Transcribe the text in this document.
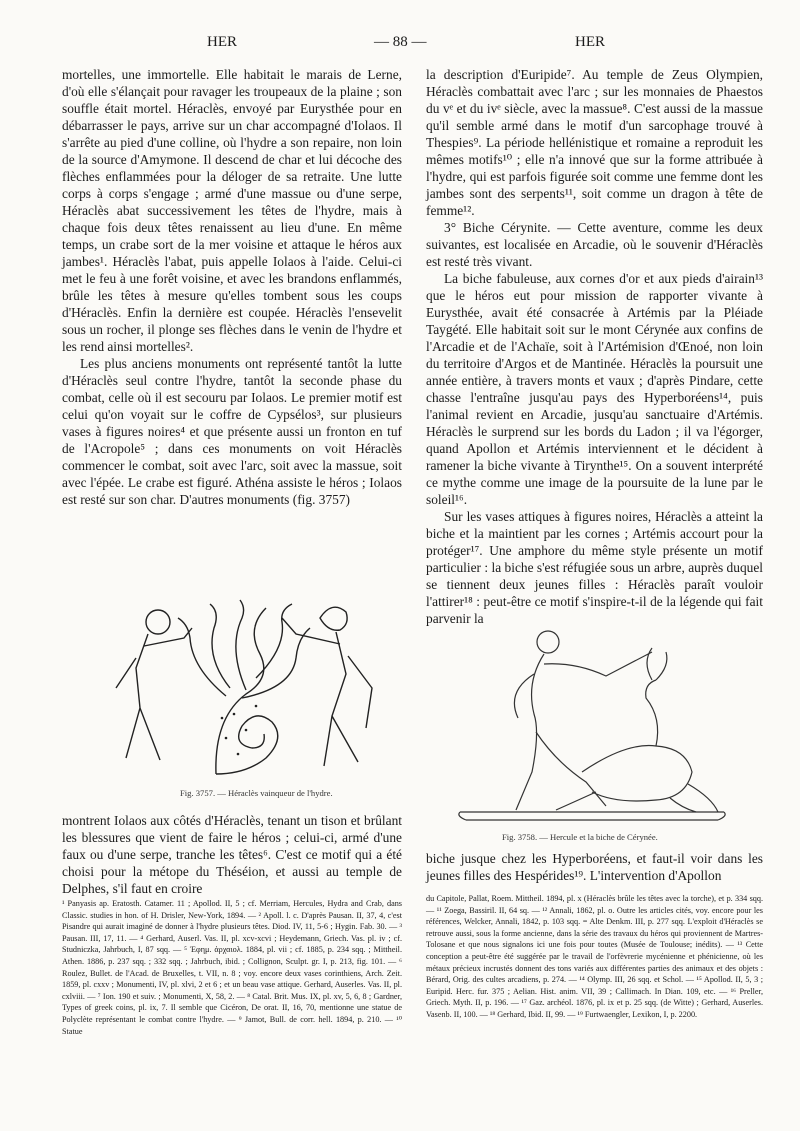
HER	— 88 —	HER

mortelles, une immortelle. Elle habitait le marais de Lerne, d'où elle s'élançait pour ravager les troupeaux de la plaine ; son souffle était mortel. Héraclès, envoyé par Eurysthée pour en débarrasser le pays, arrive sur un char accompagné d'Iolaos. Il s'arrête au pied d'une colline, où l'hydre a son repaire, non loin de la source d'Amymone. Il descend de char et lui décoche des flèches enflammées pour la déloger de sa retraite. Une lutte corps à corps s'engage ; armé d'une massue ou d'une serpe, Héraclès abat successivement les têtes de l'hydre, mais à chaque fois deux têtes renaissent au lieu d'une. En même temps, un crabe sort de la mer voisine et attaque le héros aux jambes¹. Héraclès l'abat, puis appelle Iolaos à l'aide. Celui-ci met le feu à une forêt voisine, et avec les brandons enflammés, brûle les têtes à mesure qu'elles tombent sous les coups d'Héraclès. Enfin la dernière est coupée. Héraclès l'ensevelit sous un rocher, il plonge ses flèches dans le venin de l'hydre et les rend ainsi mortelles².

Les plus anciens monuments ont représenté tantôt la lutte d'Héraclès seul contre l'hydre, tantôt la seconde phase du combat, celle où il est secouru par Iolaos. Le premier motif est celui qu'on voyait sur le coffre de Cypsélos³, sur plusieurs vases à figures noires⁴ et que présente aussi un fronton en tuf de l'Acropole⁵ ; dans ces monuments on voit Héraclès commencer le combat, soit avec l'arc, soit avec la massue, soit avec l'épée. Le crabe est figuré. Athéna assiste le héros ; Iolaos est resté sur son char. D'autres monuments (fig. 3757)

Fig. 3757. — Héraclès vainqueur de l'hydre.

montrent Iolaos aux côtés d'Héraclès, tenant un tison et brûlant les blessures que vient de faire le héros ; celui-ci, armé d'une faux ou d'une serpe, tranche les têtes⁶. C'est ce motif qui a été choisi pour la métope du Théséion, et aussi au temple de Delphes, s'il faut en croire

la description d'Euripide⁷. Au temple de Zeus Olympien, Héraclès combattait avec l'arc ; sur les monnaies de Phaestos du vᵉ et du ivᵉ siècle, avec la massue⁸. C'est aussi de la massue qu'il semble armé dans le motif d'un sarcophage trouvé à Thespies⁹. La période hellénistique et romaine a reproduit les mêmes motifs¹⁰ ; elle n'a innové que sur la forme attribuée à l'hydre, qui est parfois figurée soit comme une femme dont les jambes sont des serpents¹¹, soit comme un dragon à tête de femme¹².

3° Biche Cérynite. — Cette aventure, comme les deux suivantes, est localisée en Arcadie, où le souvenir d'Héraclès est resté très vivant.

La biche fabuleuse, aux cornes d'or et aux pieds d'airain¹³ que le héros eut pour mission de rapporter vivante à Eurysthée, avait été consacrée à Artémis par la Pléiade Taygété. Elle habitait soit sur le mont Cérynée aux confins de l'Arcadie et de l'Achaïe, soit à l'Artémision d'Œnoé, non loin du territoire d'Argos et de Mantinée. Héraclès la poursuit une année entière, à travers monts et vaux ; d'après Pindare, cette chasse l'entraîne jusqu'au pays des Hyperboréens¹⁴, puis l'animal revient en Arcadie, jusqu'au sanctuaire d'Artémis. Héraclès le surprend sur les bords du Ladon ; il va l'égorger, quand Apollon et Artémis interviennent et le décident à ramener la biche vivante à Tirynthe¹⁵. On a souvent interprété ce mythe comme une image de la poursuite de la lune par le soleil¹⁶.

Sur les vases attiques à figures noires, Héraclès a atteint la biche et la maintient par les cornes ; Artémis accourt pour la protéger¹⁷. Une amphore du même style présente un motif particulier : la biche s'est réfugiée sous un arbre, auprès duquel se tiennent deux jeunes filles : Héraclès paraît vouloir l'attirer¹⁸ : peut-être ce motif s'inspire-t-il de la légende qui fait parvenir la

Fig. 3758. — Hercule et la biche de Cérynée.

biche jusque chez les Hyperboréens, et faut-il voir dans les jeunes filles des Hespérides¹⁹. L'intervention d'Apollon

¹ Panyasis ap. Eratosth. Catamer. 11 ; Apollod. II, 5 ; cf. Merriam, Hercules, Hydra and Crab, dans Classic. studies in hon. of H. Drisler, New-York, 1894. — ² Apoll. l. c. D'après Pausan. II, 37, 4, c'est Pisandre qui aurait imaginé de donner à l'hydre plusieurs têtes. Diod. IV, 11, 5-6 ; Hygin. Fab. 30. — ³ Pausan. III, 17, 11. — ⁴ Gerhard, Auserl. Vas. II, pl. xcv-xcvi ; Heydemann, Griech. Vas. pl. iv ; cf. Studniczka, Jahrbuch, I, 87 sqq. — ⁵ Ἐφημ. ἀρχαιολ. 1884, pl. vii ; cf. 1885, p. 234 sqq. ; Mittheil. Athen. 1886, p. 237 sqq. ; 332 sqq. ; Jahrbuch, ibid. ; Collignon, Sculpt. gr. I, p. 213, fig. 101. — ⁶ Roulez, Bullet. de l'Acad. de Bruxelles, t. VII, n. 8 ; voy. encore deux vases corinthiens, Arch. Zeit. 1859, pl. cxxv ; Monumenti, IV, pl. xlvi, 2 et 6 ; et un beau vase attique. Gerhard, Auserles. Vas. II, pl. cxlviii. — ⁷ Ion. 190 et suiv. ; Monumenti, X, 58, 2. — ⁸ Catal. Brit. Mus. IX, pl. xv, 5, 6, 8 ; Gardner, Types of greek coins, pl. ix, 7. Il semble que Cicéron, De orat. II, 16, 70, mentionne une statue de Polyclète représentant le combat contre l'hydre. — ⁹ Jamot, Bull. de corr. hell. 1894, p. 210. — ¹⁰ Statue

du Capitole, Pallat, Roem. Mittheil. 1894, pl. x (Héraclès brûle les têtes avec la torche), et p. 334 sqq. — ¹¹ Zoega, Bassiril. II, 64 sq. — ¹² Annali, 1862, pl. o. Outre les articles cités, voy. encore pour les références, Welcker, Annali, 1842, p. 103 sqq. = Alte Denkm. III, p. 277 sqq. L'exploit d'Héraclès se retrouve aussi, sous la forme ancienne, dans la série des travaux du héros qui proviennent de Martres-Tolosane et que nous signalons ici une fois pour toutes (Musée de Toulouse; inédits). — ¹³ Cette conception a peut-être été suggérée par le travail de l'orfèvrerie mycénienne et phénicienne, où les métaux précieux incrustés donnent des tons variés aux différentes parties des animaux et des objets : Bérard, Orig. des cultes arcadiens, p. 274. — ¹⁴ Olymp. III, 26 sqq. et Schol. — ¹⁵ Apollod. II, 5, 3 ; Euripid. Herc. fur. 375 ; Aelian. Hist. anim. VII, 39 ; Callimach. In Dian. 109, etc. — ¹⁶ Preller, Griech. Myth. II, p. 196. — ¹⁷ Gaz. archéol. 1876, pl. ix et p. 25 sqq. (de Witte) ; Gerhard, Auserles. Vasenb. II, 100. — ¹⁸ Gerhard, Ibid. II, 99. — ¹⁹ Furtwaengler, Lexikon, I, p. 2200.
